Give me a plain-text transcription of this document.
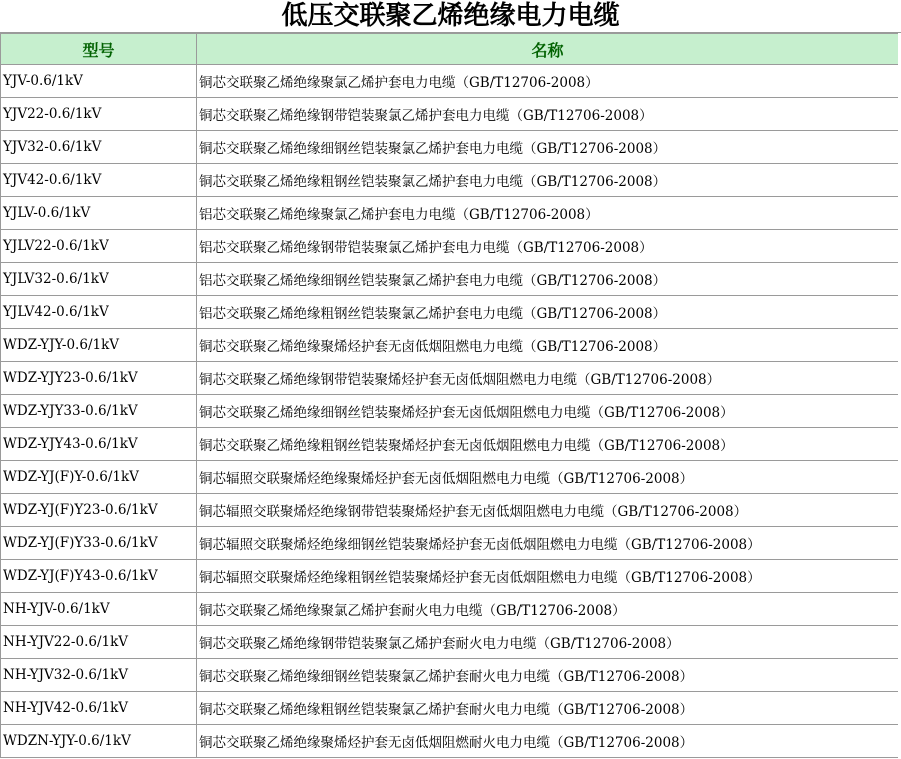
低压交联聚乙烯绝缘电力电缆
型号	名称
YJV-0.6/1kV	铜芯交联聚乙烯绝缘聚氯乙烯护套电力电缆（GB/T12706-2008）
YJV22-0.6/1kV	铜芯交联聚乙烯绝缘钢带铠装聚氯乙烯护套电力电缆（GB/T12706-2008）
YJV32-0.6/1kV	铜芯交联聚乙烯绝缘细钢丝铠装聚氯乙烯护套电力电缆（GB/T12706-2008）
YJV42-0.6/1kV	铜芯交联聚乙烯绝缘粗钢丝铠装聚氯乙烯护套电力电缆（GB/T12706-2008）
YJLV-0.6/1kV	铝芯交联聚乙烯绝缘聚氯乙烯护套电力电缆（GB/T12706-2008）
YJLV22-0.6/1kV	铝芯交联聚乙烯绝缘钢带铠装聚氯乙烯护套电力电缆（GB/T12706-2008）
YJLV32-0.6/1kV	铝芯交联聚乙烯绝缘细钢丝铠装聚氯乙烯护套电力电缆（GB/T12706-2008）
YJLV42-0.6/1kV	铝芯交联聚乙烯绝缘粗钢丝铠装聚氯乙烯护套电力电缆（GB/T12706-2008）
WDZ-YJY-0.6/1kV	铜芯交联聚乙烯绝缘聚烯烃护套无卤低烟阻燃电力电缆（GB/T12706-2008）
WDZ-YJY23-0.6/1kV	铜芯交联聚乙烯绝缘钢带铠装聚烯烃护套无卤低烟阻燃电力电缆（GB/T12706-2008）
WDZ-YJY33-0.6/1kV	铜芯交联聚乙烯绝缘细钢丝铠装聚烯烃护套无卤低烟阻燃电力电缆（GB/T12706-2008）
WDZ-YJY43-0.6/1kV	铜芯交联聚乙烯绝缘粗钢丝铠装聚烯烃护套无卤低烟阻燃电力电缆（GB/T12706-2008）
WDZ-YJ(F)Y-0.6/1kV	铜芯辐照交联聚烯烃绝缘聚烯烃护套无卤低烟阻燃电力电缆（GB/T12706-2008）
WDZ-YJ(F)Y23-0.6/1kV	铜芯辐照交联聚烯烃绝缘钢带铠装聚烯烃护套无卤低烟阻燃电力电缆（GB/T12706-2008）
WDZ-YJ(F)Y33-0.6/1kV	铜芯辐照交联聚烯烃绝缘细钢丝铠装聚烯烃护套无卤低烟阻燃电力电缆（GB/T12706-2008）
WDZ-YJ(F)Y43-0.6/1kV	铜芯辐照交联聚烯烃绝缘粗钢丝铠装聚烯烃护套无卤低烟阻燃电力电缆（GB/T12706-2008）
NH-YJV-0.6/1kV	铜芯交联聚乙烯绝缘聚氯乙烯护套耐火电力电缆（GB/T12706-2008）
NH-YJV22-0.6/1kV	铜芯交联聚乙烯绝缘钢带铠装聚氯乙烯护套耐火电力电缆（GB/T12706-2008）
NH-YJV32-0.6/1kV	铜芯交联聚乙烯绝缘细钢丝铠装聚氯乙烯护套耐火电力电缆（GB/T12706-2008）
NH-YJV42-0.6/1kV	铜芯交联聚乙烯绝缘粗钢丝铠装聚氯乙烯护套耐火电力电缆（GB/T12706-2008）
WDZN-YJY-0.6/1kV	铜芯交联聚乙烯绝缘聚烯烃护套无卤低烟阻燃耐火电力电缆（GB/T12706-2008）
